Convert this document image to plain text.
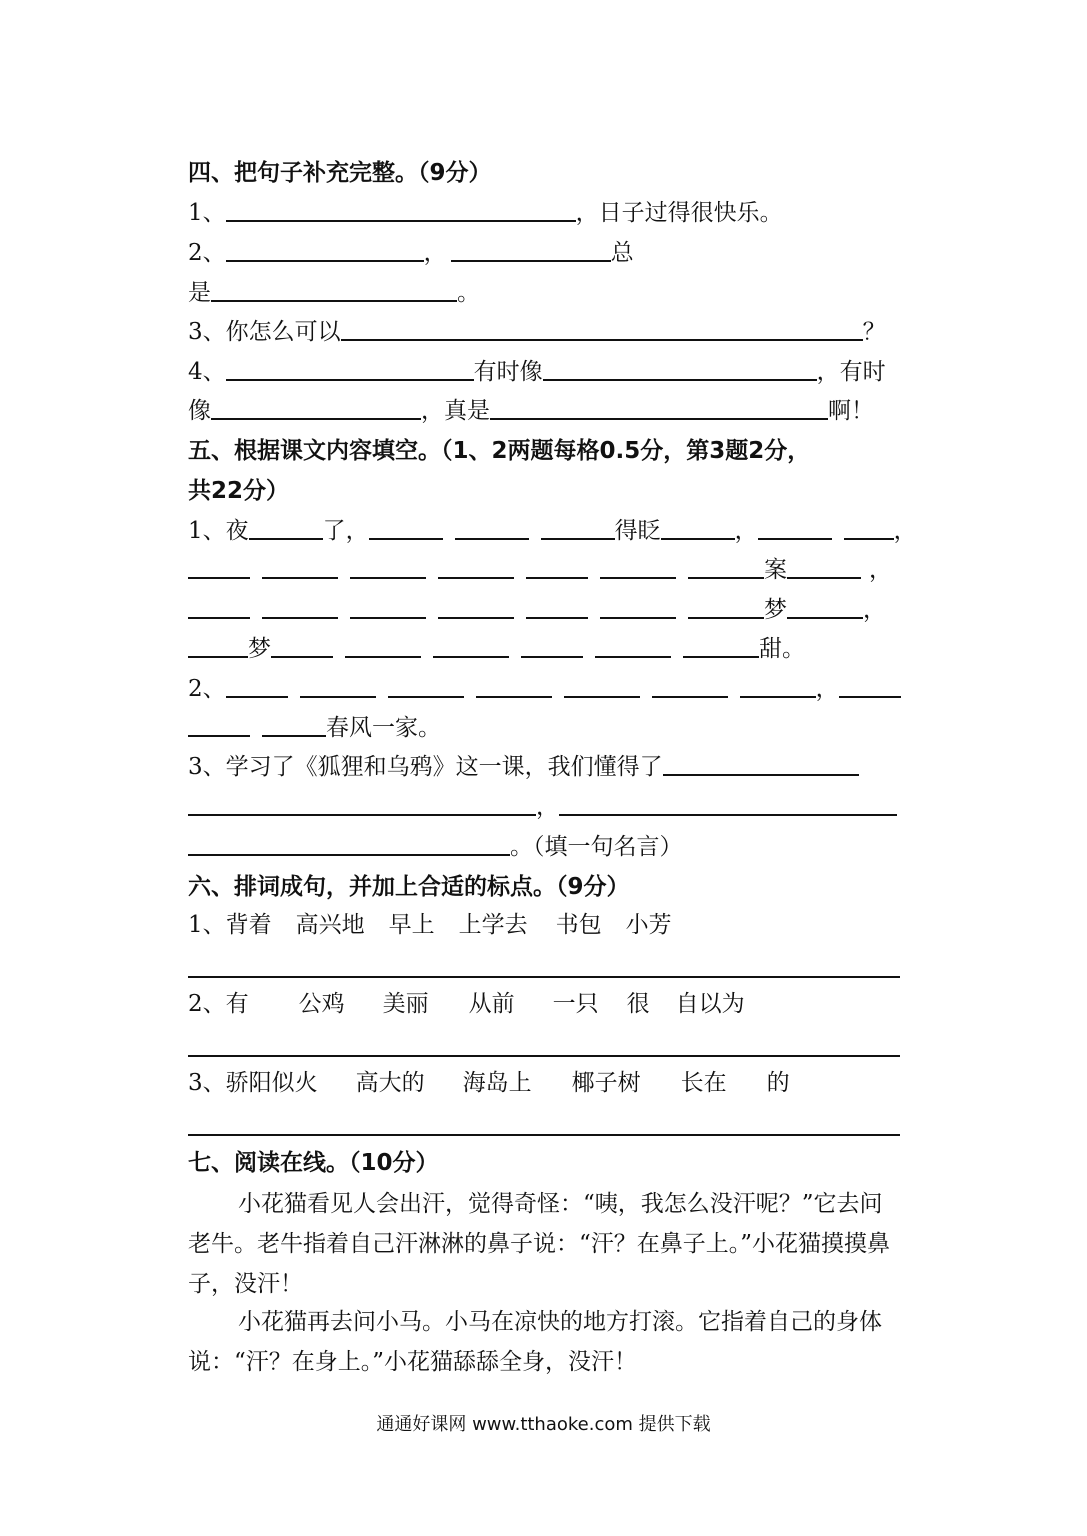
四、把句子补充完整。（9分）
1、	，日子过得很快乐。
2、	，	总
是	。
3、你怎么可以	？
4、	有时像	，有时
像	，真是	啊！
五、根据课文内容填空。（1、2两题每格0.5分，第3题2分，
共22分）
1、夜	了，	得眨	，	，
案	，
梦	，
梦	甜。
2、	，
春风一家。
3、学习了《狐狸和乌鸦》这一课，我们懂得了
，
。（填一句名言）
六、排词成句，并加上合适的标点。（9分）
1、背着 高兴地 早上 上学去 书包 小芳
2、有 公鸡 美丽 从前 一只 很 自以为
3、骄阳似火 高大的 海岛上 椰子树 长在 的
七、阅读在线。（10分）
小花猫看见人会出汗，觉得奇怪：“咦，我怎么没汗呢？”它去问老牛。老牛指着自己汗淋淋的鼻子说：“汗？在鼻子上。”小花猫摸摸鼻子，没汗！
小花猫再去问小马。小马在凉快的地方打滚。它指着自己的身体说：“汗？在身上。”小花猫舔舔全身，没汗！
通通好课网 www.tthaoke.com 提供下载
